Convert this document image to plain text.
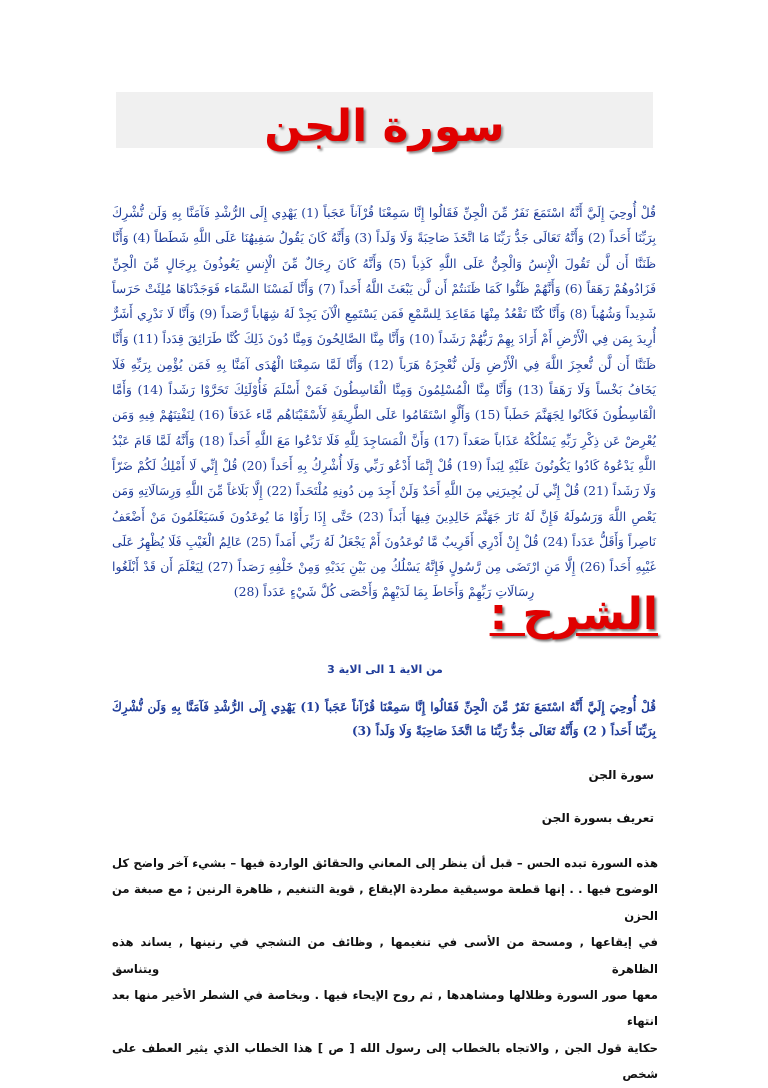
سورة الجن

قُلْ أُوحِيَ إِلَيَّ أَنَّهُ اسْتَمَعَ نَفَرٌ مِّنَ الْجِنِّ فَقَالُوا إِنَّا سَمِعْنَا قُرْآناً عَجَباً (1) يَهْدِي إِلَى الرُّشْدِ فَآمَنَّا بِهِ وَلَن نُّشْرِكَ بِرَبِّنَا أَحَداً (2) وَأَنَّهُ تَعَالَى جَدُّ رَبِّنَا مَا اتَّخَذَ صَاحِبَةً وَلَا وَلَداً (3) وَأَنَّهُ كَانَ يَقُولُ سَفِيهُنَا عَلَى اللَّهِ شَطَطاً (4) وَأَنَّا ظَنَنَّا أَن لَّن تَقُولَ الْإِنسُ وَالْجِنُّ عَلَى اللَّهِ كَذِباً (5) وَأَنَّهُ كَانَ رِجَالٌ مِّنَ الْإِنسِ يَعُوذُونَ بِرِجَالٍ مِّنَ الْجِنِّ فَزَادُوهُمْ رَهَقاً (6) وَأَنَّهُمْ ظَنُّوا كَمَا ظَنَنتُمْ أَن لَّن يَبْعَثَ اللَّهُ أَحَداً (7) وَأَنَّا لَمَسْنَا السَّمَاء فَوَجَدْنَاهَا مُلِئَتْ حَرَساً شَدِيداً وَشُهُباً (8) وَأَنَّا كُنَّا نَقْعُدُ مِنْهَا مَقَاعِدَ لِلسَّمْعِ فَمَن يَسْتَمِعِ الْآنَ يَجِدْ لَهُ شِهَاباً رَّصَداً (9) وَأَنَّا لَا نَدْرِي أَشَرٌّ أُرِيدَ بِمَن فِي الْأَرْضِ أَمْ أَرَادَ بِهِمْ رَبُّهُمْ رَشَداً (10) وَأَنَّا مِنَّا الصَّالِحُونَ وَمِنَّا دُونَ ذَلِكَ كُنَّا طَرَائِقَ قِدَداً (11) وَأَنَّا ظَنَنَّا أَن لَّن نُّعجِزَ اللَّهَ فِي الْأَرْضِ وَلَن نُّعْجِزَهُ هَرَباً (12) وَأَنَّا لَمَّا سَمِعْنَا الْهُدَى آمَنَّا بِهِ فَمَن يُؤْمِن بِرَبِّهِ فَلَا يَخَافُ بَخْساً وَلَا رَهَقاً (13) وَأَنَّا مِنَّا الْمُسْلِمُونَ وَمِنَّا الْقَاسِطُونَ فَمَنْ أَسْلَمَ فَأُوْلَئِكَ تَحَرَّوْا رَشَداً (14) وَأَمَّا الْقَاسِطُونَ فَكَانُوا لِجَهَنَّمَ حَطَباً (15) وَأَلَّوِ اسْتَقَامُوا عَلَى الطَّرِيقَةِ لَأَسْقَيْنَاهُم مَّاء غَدَقاً (16) لِنَفْتِنَهُمْ فِيهِ وَمَن يُعْرِضْ عَن ذِكْرِ رَبِّهِ يَسْلُكْهُ عَذَاباً صَعَداً (17) وَأَنَّ الْمَسَاجِدَ لِلَّهِ فَلَا تَدْعُوا مَعَ اللَّهِ أَحَداً (18) وَأَنَّهُ لَمَّا قَامَ عَبْدُ اللَّهِ يَدْعُوهُ كَادُوا يَكُونُونَ عَلَيْهِ لِبَداً (19) قُلْ إِنَّمَا أَدْعُو رَبِّي وَلَا أُشْرِكُ بِهِ أَحَداً (20) قُلْ إِنِّي لَا أَمْلِكُ لَكُمْ ضَرّاً وَلَا رَشَداً (21) قُلْ إِنِّي لَن يُجِيرَنِي مِنَ اللَّهِ أَحَدٌ وَلَنْ أَجِدَ مِن دُونِهِ مُلْتَحَداً (22) إِلَّا بَلَاغاً مِّنَ اللَّهِ وَرِسَالَاتِهِ وَمَن يَعْصِ اللَّهَ وَرَسُولَهُ فَإِنَّ لَهُ نَارَ جَهَنَّمَ خَالِدِينَ فِيهَا أَبَداً (23) حَتَّى إِذَا رَأَوْا مَا يُوعَدُونَ فَسَيَعْلَمُونَ مَنْ أَضْعَفُ نَاصِراً وَأَقَلُّ عَدَداً (24) قُلْ إِنْ أَدْرِي أَقَرِيبٌ مَّا تُوعَدُونَ أَمْ يَجْعَلُ لَهُ رَبِّي أَمَداً (25) عَالِمُ الْغَيْبِ فَلَا يُظْهِرُ عَلَى غَيْبِهِ أَحَداً (26) إِلَّا مَنِ ارْتَضَى مِن رَّسُولٍ فَإِنَّهُ يَسْلُكُ مِن بَيْنِ يَدَيْهِ وَمِنْ خَلْفِهِ رَصَداً (27) لِيَعْلَمَ أَن قَدْ أَبْلَغُوا رِسَالَاتِ رَبِّهِمْ وَأَحَاطَ بِمَا لَدَيْهِمْ وَأَحْصَى كُلَّ شَيْءٍ عَدَداً (28)

الشرح :

من الاية 1 الى الاية 3

قُلْ أُوحِيَ إِلَيَّ أَنَّهُ اسْتَمَعَ نَفَرٌ مِّنَ الْجِنِّ فَقَالُوا إِنَّا سَمِعْنَا قُرْآناً عَجَباً (1) يَهْدِي إِلَى الرُّشْدِ فَآمَنَّا بِهِ وَلَن نُّشْرِكَ بِرَبِّنَا أَحَداً ( 2) وَأَنَّهُ تَعَالَى جَدُّ رَبِّنَا مَا اتَّخَذَ صَاحِبَةً وَلَا وَلَداً (3)

سورة الجن

تعريف بسورة الجن

هذه السورة تبده الحس – قبل أن ينظر إلى المعاني والحقائق الواردة فيها – بشيء آخر واضح كل
الوضوح فيها . . إنها قطعة موسيقية مطردة الإيقاع , قوية التنغيم , ظاهرة الرنين ; مع صبغة من الحزن
في إيقاعها , ومسحة من الأسى في تنغيمها , وظائف من التشجي في رنينها , يساند هذه الظاهرة ويتناسق
معها صور السورة وظلالها ومشاهدها , ثم روح الإيحاء فيها . وبخاصة في الشطر الأخير منها بعد انتهاء
حكاية قول الجن , والاتجاه بالخطاب إلى رسول الله [ ص ] هذا الخطاب الذي يثير العطف على شخص
